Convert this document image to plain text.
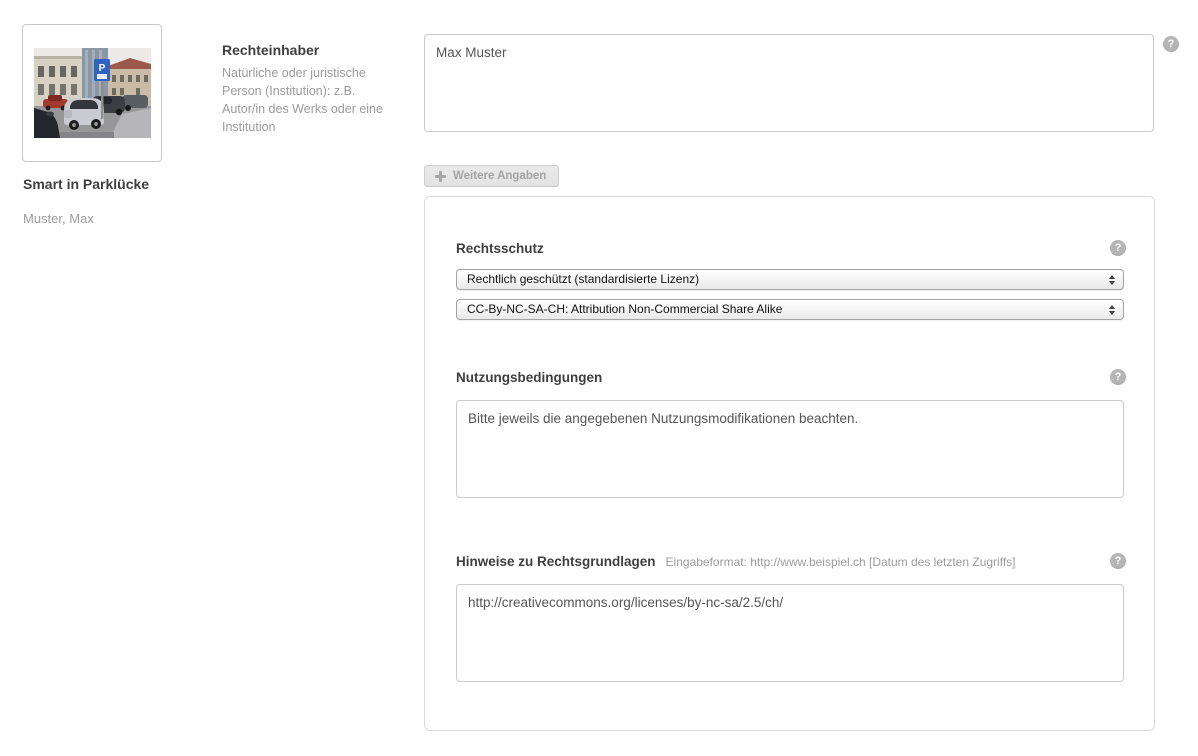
P
Smart in Parklücke
Muster, Max
Rechteinhaber
Natürliche oder juristische Person (Institution): z.B. Autor/in des Werks oder eine Institution
Max Muster
?
Weitere Angaben
Rechtsschutz	?
Rechtlich geschützt (standardisierte Lizenz)
CC-By-NC-SA-CH: Attribution Non-Commercial Share Alike
Nutzungsbedingungen	?
Bitte jeweils die angegebenen Nutzungsmodifikationen beachten.
Hinweise zu Rechtsgrundlagen Eingabeformat: http://www.beispiel.ch [Datum des letzten Zugriffs]	?
http://creativecommons.org/licenses/by-nc-sa/2.5/ch/
